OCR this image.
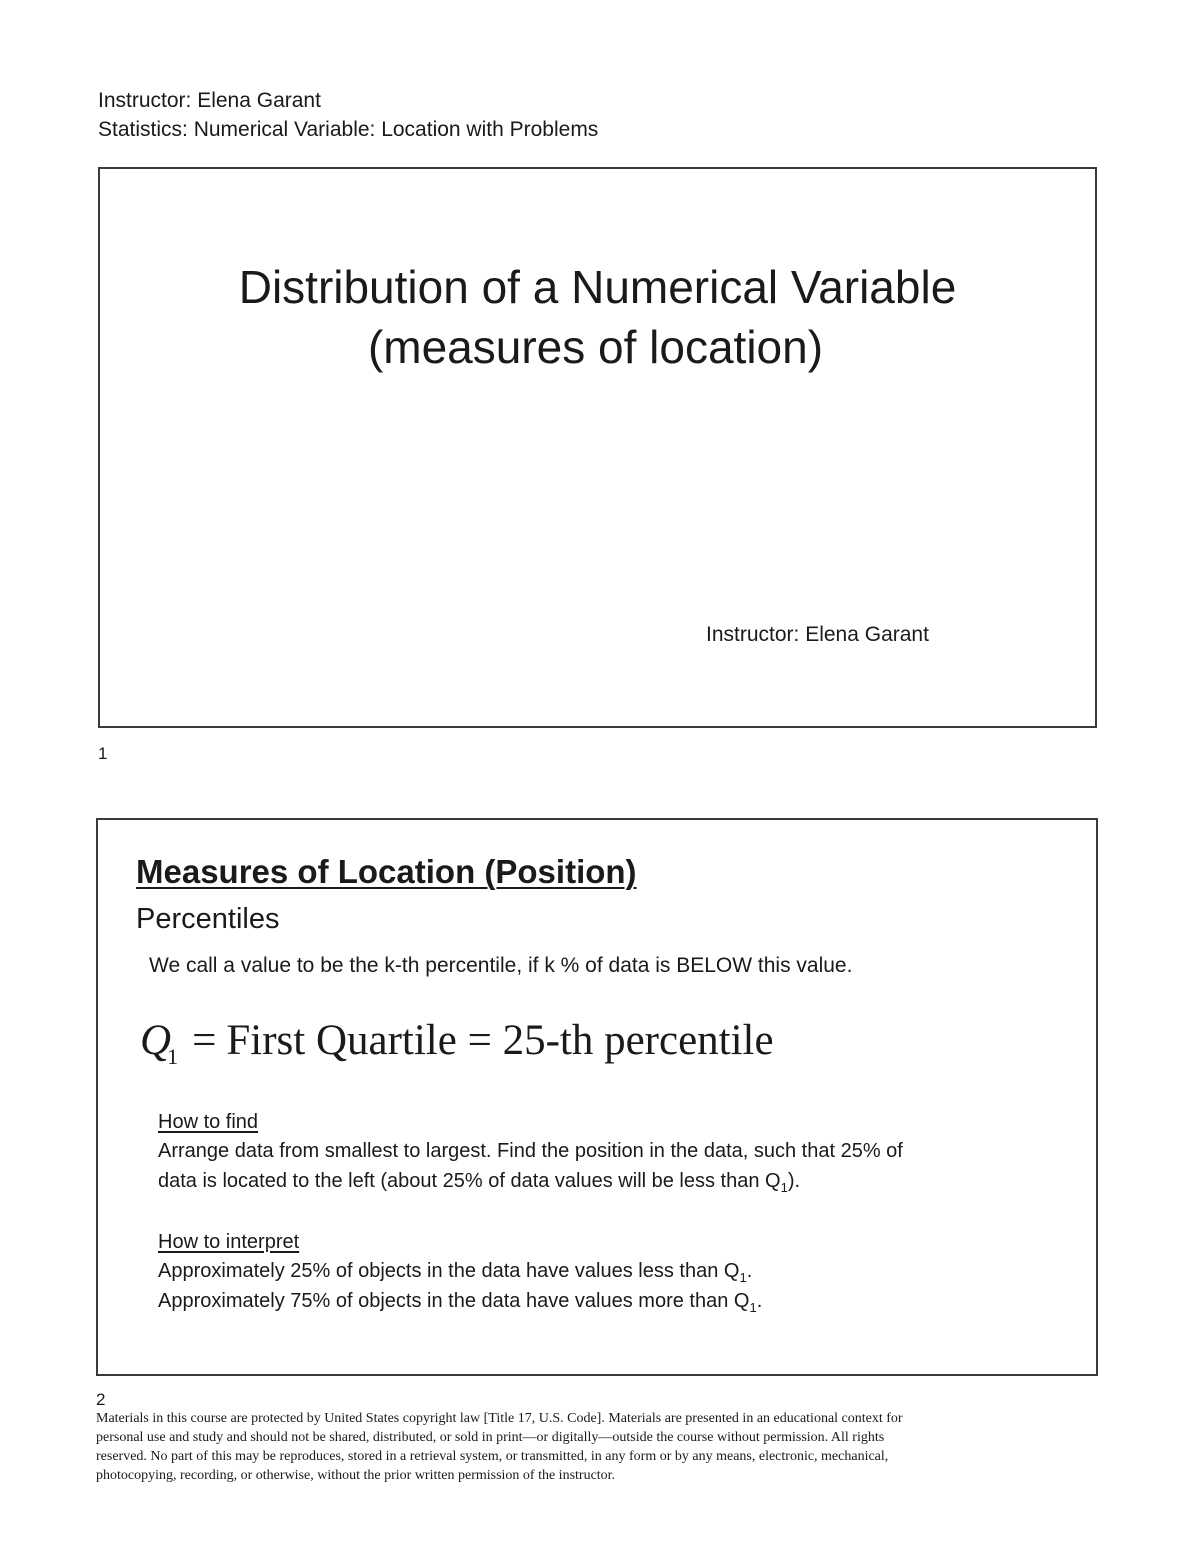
Instructor: Elena Garant
Statistics: Numerical Variable: Location with Problems
Distribution of a Numerical Variable
(measures of location)
Instructor: Elena Garant
1
Measures of Location (Position)
Percentiles
We call a value to be the k-th percentile, if k % of data is BELOW this value.
$Q_1$ = First Quartile = 25-th percentile
How to find
Arrange data from smallest to largest. Find the position in the data, such that 25% of
data is located to the left (about 25% of data values will be less than $Q_1$).
How to interpret
Approximately 25% of objects in the data have values less than $Q_1$.
Approximately 75% of objects in the data have values more than $Q_1$.
2
Materials in this course are protected by United States copyright law [Title 17, U.S. Code]. Materials are presented in an educational context for
personal use and study and should not be shared, distributed, or sold in print—or digitally—outside the course without permission. All rights
reserved. No part of this may be reproduces, stored in a retrieval system, or transmitted, in any form or by any means, electronic, mechanical,
photocopying, recording, or otherwise, without the prior written permission of the instructor.
